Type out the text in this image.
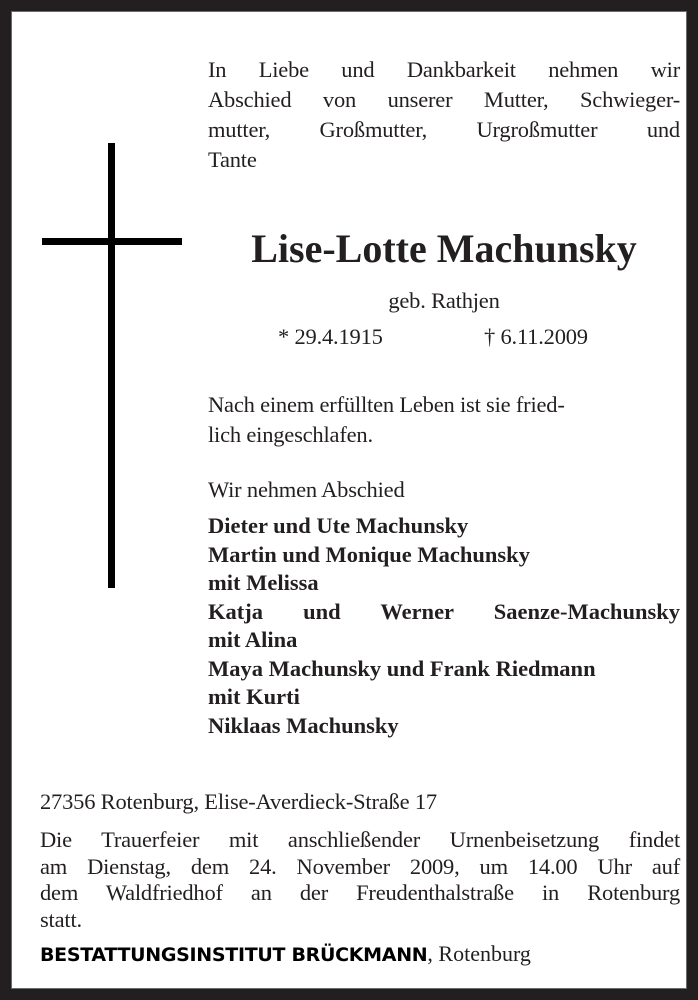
In Liebe und Dankbarkeit nehmen wir
Abschied von unserer Mutter, Schwieger-
mutter, Großmutter, Urgroßmutter und
Tante
Lise-Lotte Machunsky
geb. Rathjen
* 29.4.1915	† 6.11.2009
Nach einem erfüllten Leben ist sie fried-
lich eingeschlafen.
Wir nehmen Abschied
Dieter und Ute Machunsky
Martin und Monique Machunsky
mit Melissa
Katja und Werner Saenze-Machunsky
mit Alina
Maya Machunsky und Frank Riedmann
mit Kurti
Niklaas Machunsky
27356 Rotenburg, Elise-Averdieck-Straße 17
Die Trauerfeier mit anschließender Urnenbeisetzung findet
am Dienstag, dem 24. November 2009, um 14.00 Uhr auf
dem Waldfriedhof an der Freudenthalstraße in Rotenburg
statt.
BESTATTUNGSINSTITUT BRÜCKMANN, Rotenburg
